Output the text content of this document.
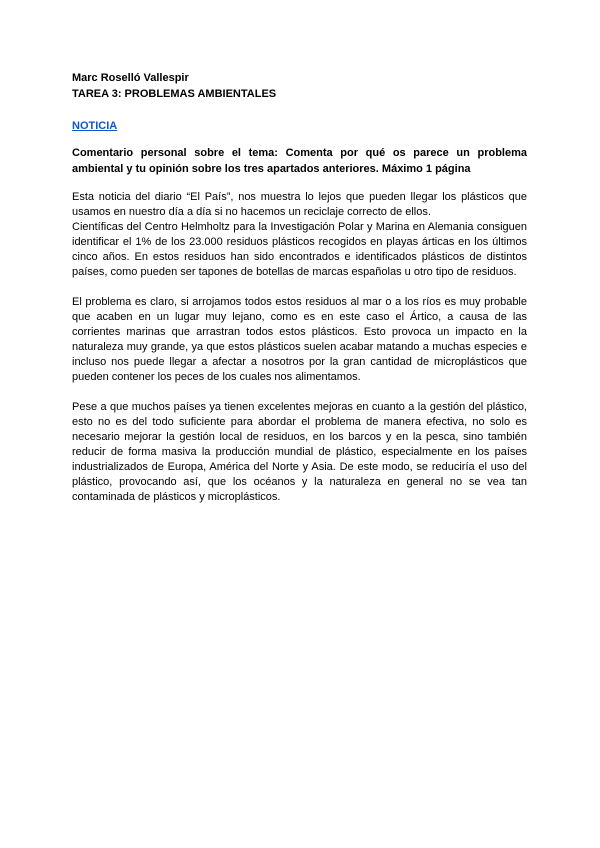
Marc Roselló Vallespir

TAREA 3: PROBLEMAS AMBIENTALES

NOTICIA
Comentario personal sobre el tema: Comenta por qué os parece un problema ambiental y tu opinión sobre los tres apartados anteriores. Máximo 1 página
Esta noticia del diario “El País”, nos muestra lo lejos que pueden llegar los plásticos que usamos en nuestro día a día si no hacemos un reciclaje correcto de ellos.
Científicas del Centro Helmholtz para la Investigación Polar y Marina en Alemania consiguen identificar el 1% de los 23.000 residuos plásticos recogidos en playas árticas en los últimos cinco años. En estos residuos han sido encontrados e identificados plásticos de distintos países, como pueden ser tapones de botellas de marcas españolas u otro tipo de residuos.
El problema es claro, si arrojamos todos estos residuos al mar o a los ríos es muy probable que acaben en un lugar muy lejano, como es en este caso el Ártico, a causa de las corrientes marinas que arrastran todos estos plásticos. Esto provoca un impacto en la naturaleza muy grande, ya que estos plásticos suelen acabar matando a muchas especies e incluso nos puede llegar a afectar a nosotros por la gran cantidad de microplásticos que pueden contener los peces de los cuales nos alimentamos.
Pese a que muchos países ya tienen excelentes mejoras en cuanto a la gestión del plástico, esto no es del todo suficiente para abordar el problema de manera efectiva, no solo es necesario mejorar la gestión local de residuos, en los barcos y en la pesca, sino también reducir de forma masiva la producción mundial de plástico, especialmente en los países industrializados de Europa, América del Norte y Asia. De este modo, se reduciría el uso del plástico, provocando así, que los océanos y la naturaleza en general no se vea tan contaminada de plásticos y microplásticos.
